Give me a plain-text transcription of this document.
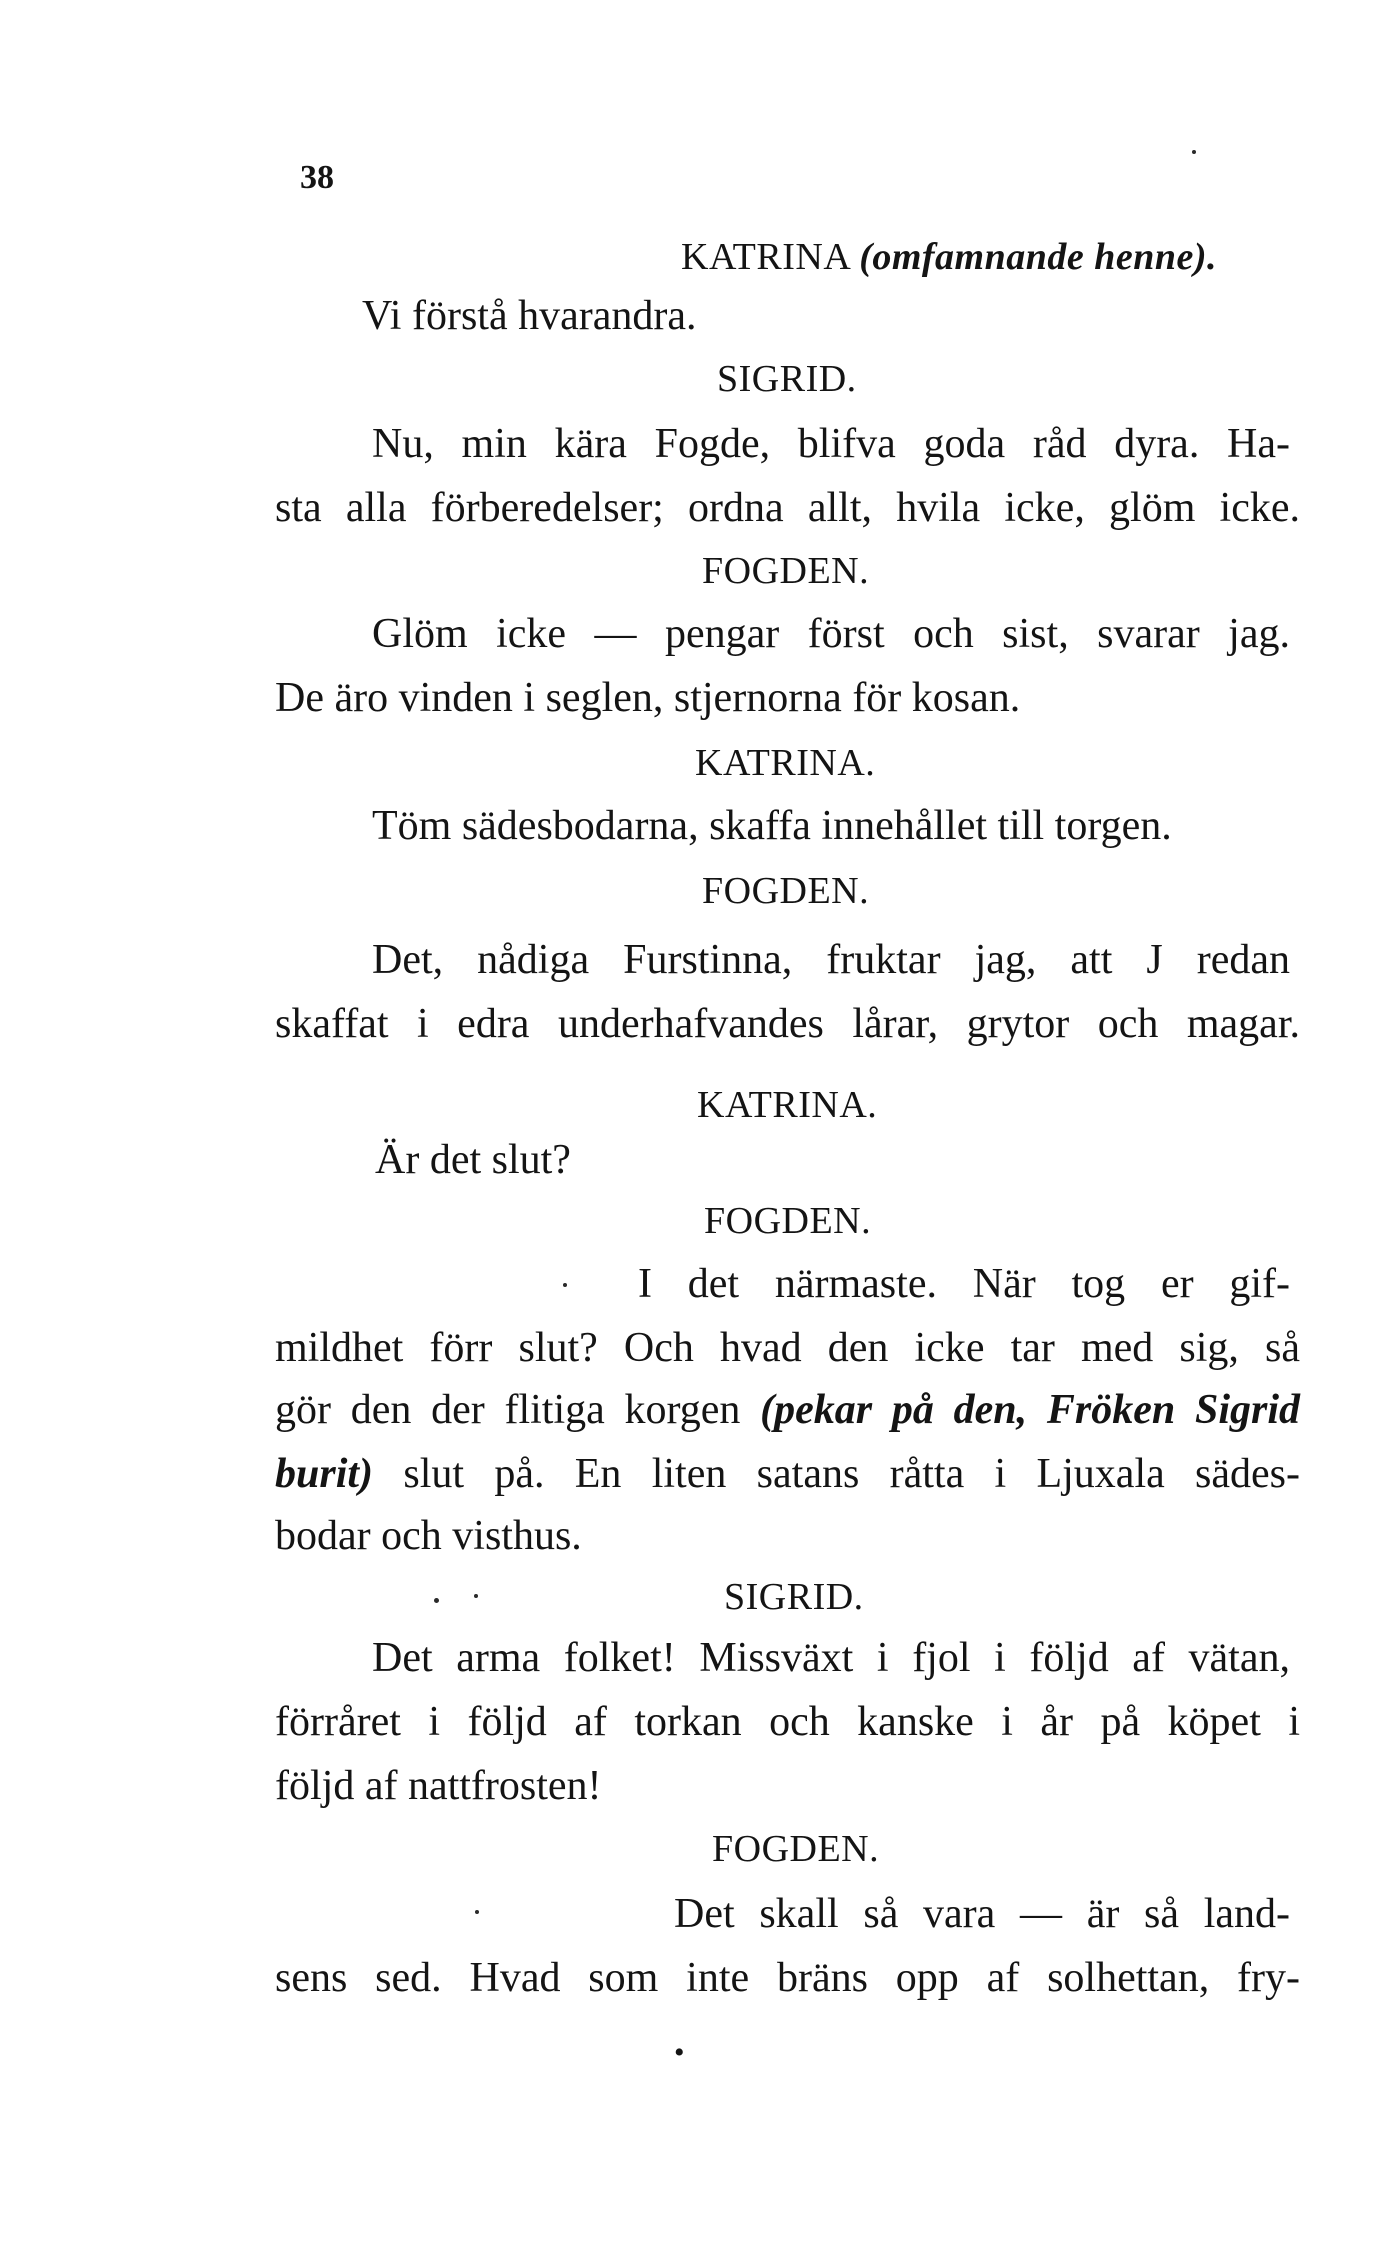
38
KATRINA (omfamnande henne).
Vi förstå hvarandra.
SIGRID.
Nu, min kära Fogde, blifva goda råd dyra. Ha-
sta alla förberedelser; ordna allt, hvila icke, glöm icke.
FOGDEN.
Glöm icke — pengar först och sist, svarar jag.
De äro vinden i seglen, stjernorna för kosan.
KATRINA.
Töm sädesbodarna, skaffa innehållet till torgen.
FOGDEN.
Det, nådiga Furstinna, fruktar jag, att J redan
skaffat i edra underhafvandes lårar, grytor och magar.
KATRINA.
Är det slut?
FOGDEN.
I det närmaste. När tog er gif-
mildhet förr slut? Och hvad den icke tar med sig, så
gör den der flitiga korgen (pekar på den, Fröken Sigrid
burit) slut på. En liten satans råtta i Ljuxala sädes-
bodar och visthus.
SIGRID.
Det arma folket! Missväxt i fjol i följd af vätan,
förråret i följd af torkan och kanske i år på köpet i
följd af nattfrosten!
FOGDEN.
Det skall så vara — är så land-
sens sed. Hvad som inte bräns opp af solhettan, fry-
•
